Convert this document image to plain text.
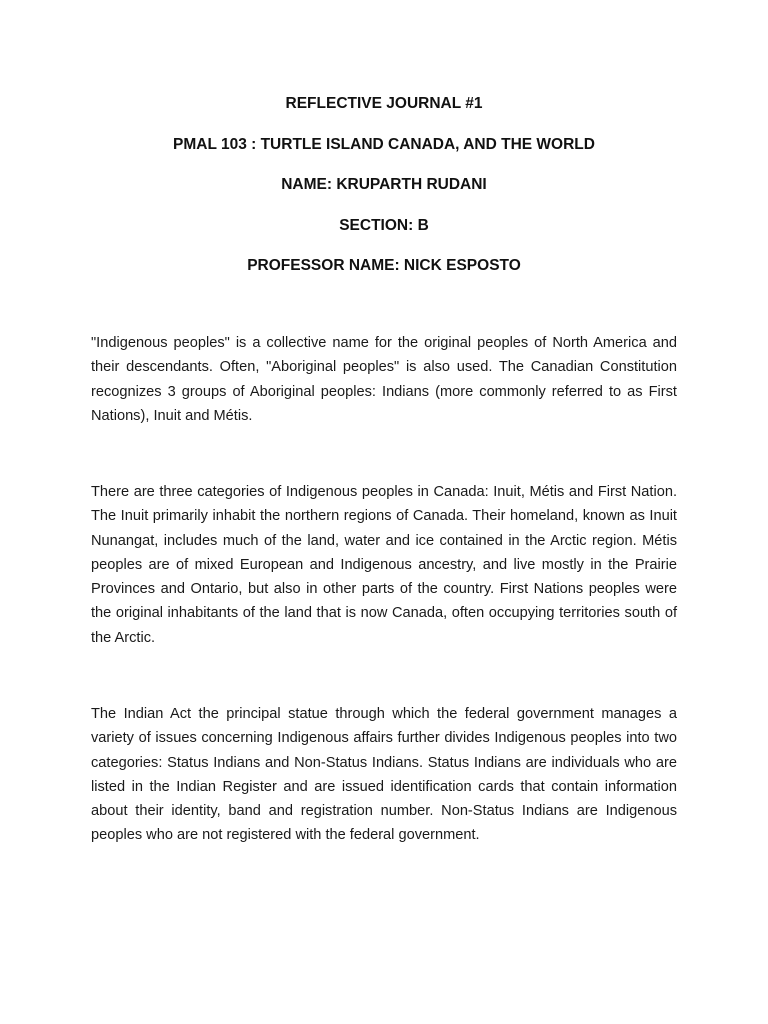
REFLECTIVE JOURNAL #1
PMAL 103 : TURTLE ISLAND CANADA, AND THE WORLD
NAME: KRUPARTH RUDANI
SECTION: B
PROFESSOR NAME: NICK ESPOSTO

"Indigenous peoples" is a collective name for the original peoples of North America and their descendants. Often, "Aboriginal peoples" is also used. The Canadian Constitution recognizes 3 groups of Aboriginal peoples: Indians (more commonly referred to as First Nations), Inuit and Métis.

There are three categories of Indigenous peoples in Canada: Inuit, Métis and First Nation. The Inuit primarily inhabit the northern regions of Canada. Their homeland, known as Inuit Nunangat, includes much of the land, water and ice contained in the Arctic region. Métis peoples are of mixed European and Indigenous ancestry, and live mostly in the Prairie Provinces and Ontario, but also in other parts of the country. First Nations peoples were the original inhabitants of the land that is now Canada, often occupying territories south of the Arctic.

The Indian Act the principal statue through which the federal government manages a variety of issues concerning Indigenous affairs further divides Indigenous peoples into two categories: Status Indians and Non-Status Indians. Status Indians are individuals who are listed in the Indian Register and are issued identification cards that contain information about their identity, band and registration number. Non-Status Indians are Indigenous peoples who are not registered with the federal government.
